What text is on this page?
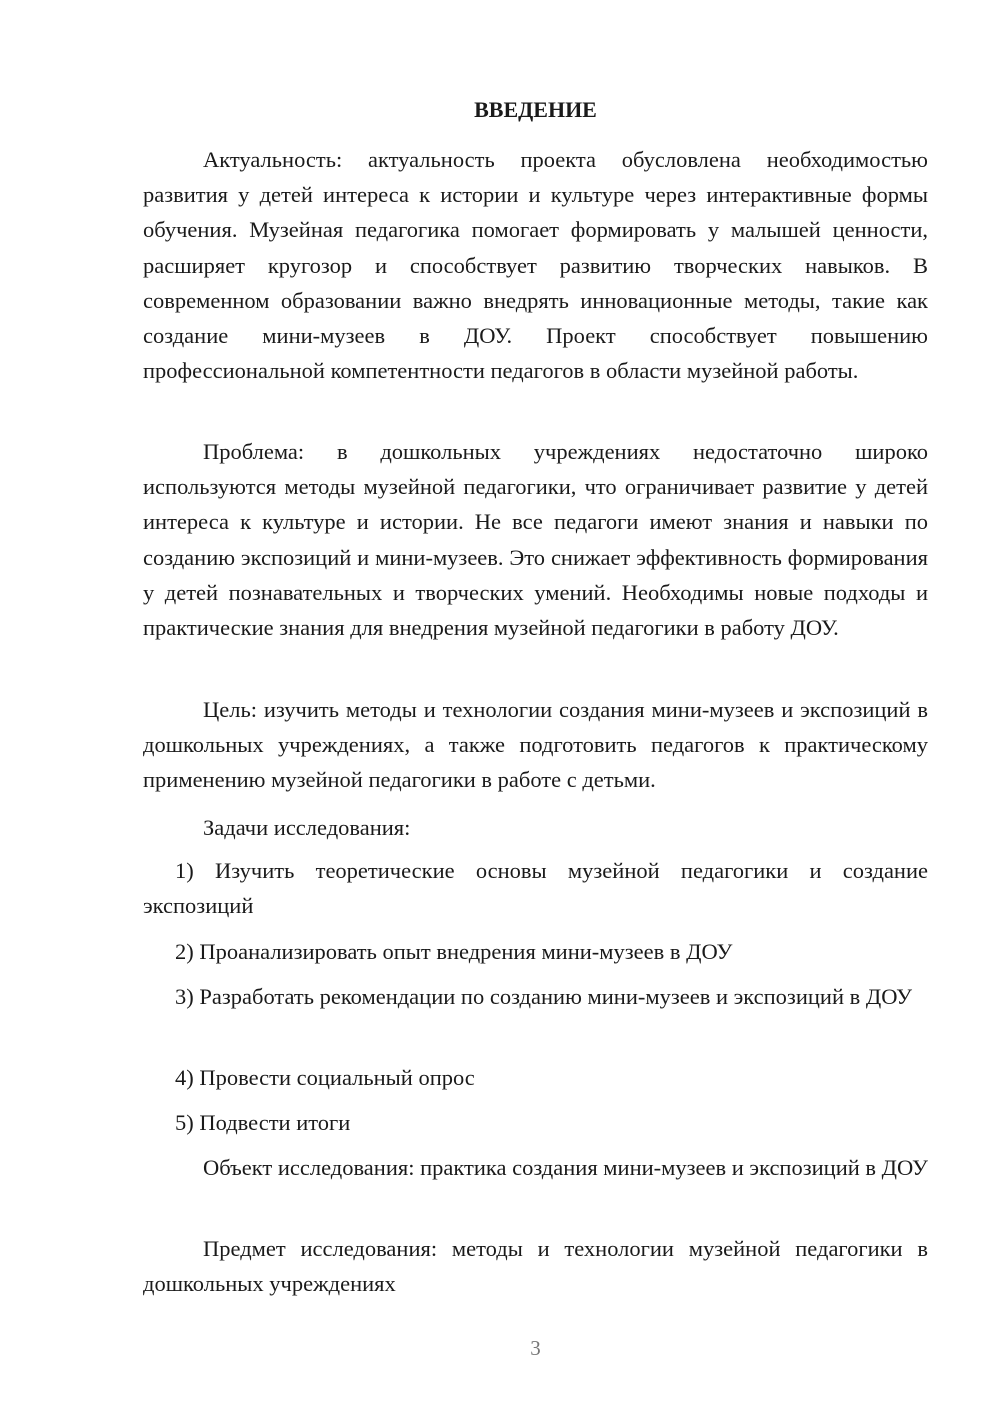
ВВЕДЕНИЕ

Актуальность: актуальность проекта обусловлена необходимостью развития у детей интереса к истории и культуре через интерактивные формы обучения. Музейная педагогика помогает формировать у малышей ценности, расширяет кругозор и способствует развитию творческих навыков. В современном образовании важно внедрять инновационные методы, такие как создание мини-музеев в ДОУ. Проект способствует повышению профессиональной компетентности педагогов в области музейной работы.

Проблема: в дошкольных учреждениях недостаточно широко используются методы музейной педагогики, что ограничивает развитие у детей интереса к культуре и истории. Не все педагоги имеют знания и навыки по созданию экспозиций и мини-музеев. Это снижает эффективность формирования у детей познавательных и творческих умений. Необходимы новые подходы и практические знания для внедрения музейной педагогики в работу ДОУ.

Цель: изучить методы и технологии создания мини-музеев и экспозиций в дошкольных учреждениях, а также подготовить педагогов к практическому применению музейной педагогики в работе с детьми.

Задачи исследования:

1) Изучить теоретические основы музейной педагогики и создание экспозиций

2) Проанализировать опыт внедрения мини-музеев в ДОУ

3) Разработать рекомендации по созданию мини-музеев и экспозиций в ДОУ

4) Провести социальный опрос

5) Подвести итоги

Объект исследования: практика создания мини-музеев и экспозиций в ДОУ

Предмет исследования: методы и технологии музейной педагогики в дошкольных учреждениях

3
